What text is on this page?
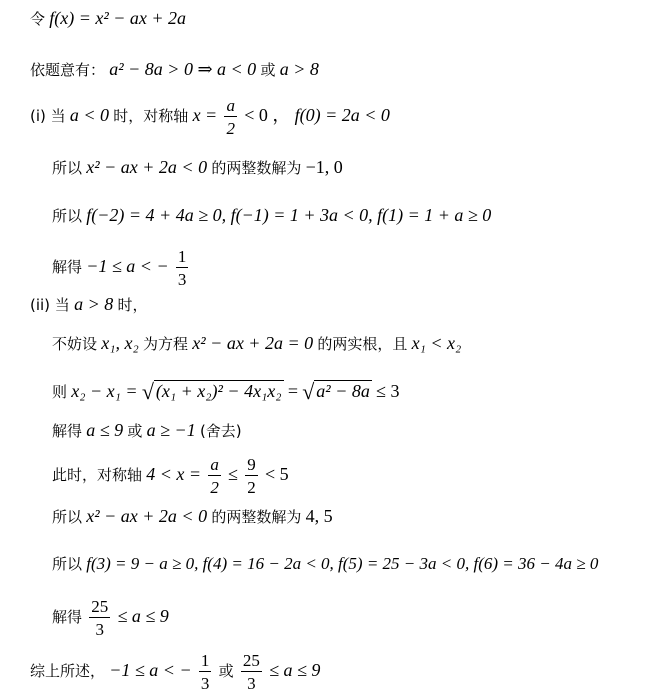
令 f(x) = x² − ax + 2a
依题意有： a² − 8a > 0 ⇒ a < 0 或 a > 8
(i) 当 a < 0 时，对称轴 $x = \frac{a}{2} < 0$ ， f(0) = 2a < 0
所以 x² − ax + 2a < 0 的两整数解为 −1, 0
所以 f(−2) = 4 + 4a ≥ 0, f(−1) = 1 + 3a < 0, f(1) = 1 + a ≥ 0
解得 −1 ≤ a < − $\frac{1}{3}$
(ii) 当 a > 8 时，
不妨设 x₁, x₂ 为方程 x² − ax + 2a = 0 的两实根，且 x₁ < x₂
则 x₂ − x₁ = √ (x₁ + x₂)² − 4x₁x₂ = √ a² − 8a ≤ 3
解得 a ≤ 9 或 a ≥ −1 (舍去)
此时，对称轴 $4 < x = \frac{a}{2} \le \frac{9}{2} < 5$
所以 x² − ax + 2a < 0 的两整数解为 4, 5
所以 f(3) = 9 − a ≥ 0, f(4) = 16 − 2a < 0, f(5) = 25 − 3a < 0, f(6) = 36 − 4a ≥ 0
解得 $\frac{25}{3} \le a \le 9$
综上所述， −1 ≤ a < − $\frac{1}{3}$ 或 $\frac{25}{3} \le a \le 9$
